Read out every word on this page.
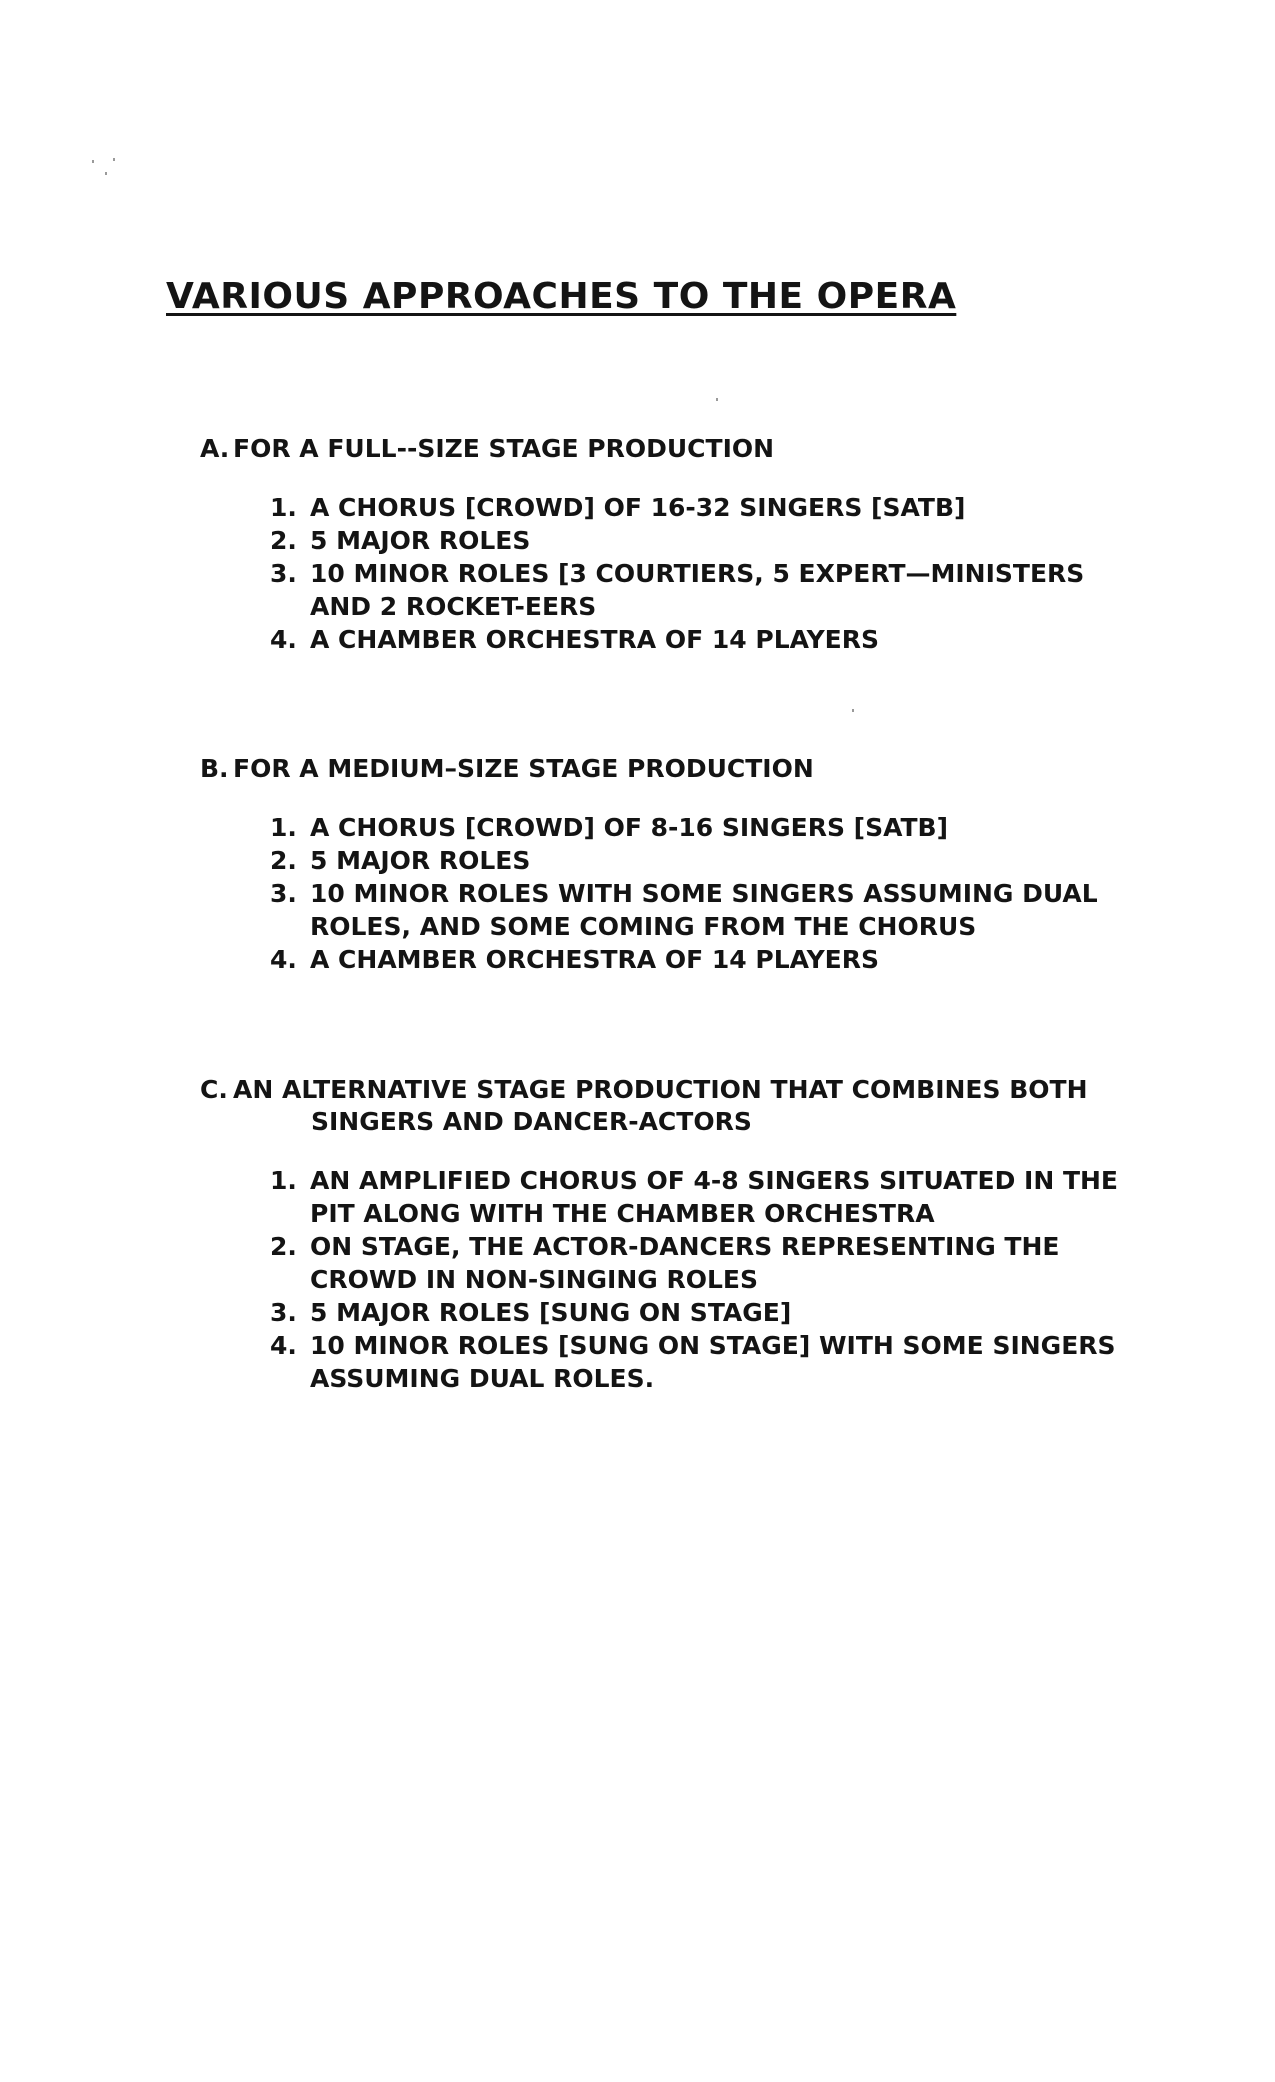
VARIOUS APPROACHES TO THE OPERA
A. FOR A FULL--SIZE STAGE PRODUCTION
1. A CHORUS [CROWD] OF 16-32 SINGERS [SATB]
2. 5 MAJOR ROLES
3. 10 MINOR ROLES [3 COURTIERS, 5 EXPERT—MINISTERS AND 2 ROCKET-EERS
4. A CHAMBER ORCHESTRA OF 14 PLAYERS
B. FOR A MEDIUM–SIZE STAGE PRODUCTION
1. A CHORUS [CROWD] OF 8-16 SINGERS [SATB]
2. 5 MAJOR ROLES
3. 10 MINOR ROLES WITH SOME SINGERS ASSUMING DUAL ROLES, AND SOME COMING FROM THE CHORUS
4. A CHAMBER ORCHESTRA OF 14 PLAYERS
C. AN ALTERNATIVE STAGE PRODUCTION THAT COMBINES BOTH SINGERS AND DANCER-ACTORS
1. AN AMPLIFIED CHORUS OF 4-8 SINGERS SITUATED IN THE PIT ALONG WITH THE CHAMBER ORCHESTRA
2. ON STAGE, THE ACTOR-DANCERS REPRESENTING THE CROWD IN NON-SINGING ROLES
3. 5 MAJOR ROLES [SUNG ON STAGE]
4. 10 MINOR ROLES [SUNG ON STAGE] WITH SOME SINGERS ASSUMING DUAL ROLES.
